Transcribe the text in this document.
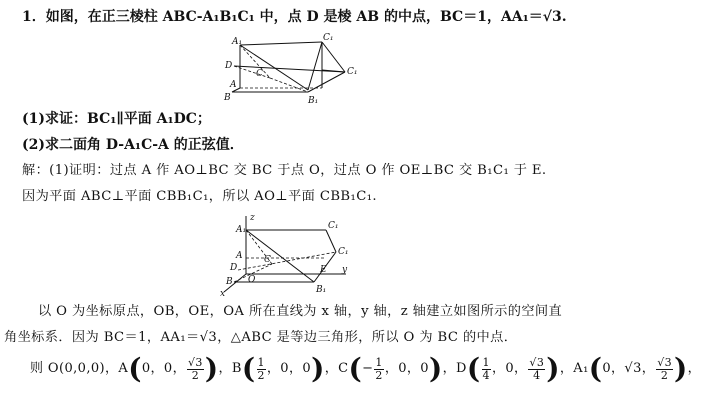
1．如图，在正三棱柱 ABC-A₁B₁C₁ 中，点 D 是棱 AB 的中点，BC＝1，AA₁＝√3.
A₁	C₁
C₁
D
C
A
B	B₁
(1)求证：BC₁∥平面 A₁DC；
(2)求二面角 D-A₁C-A 的正弦值．
解：(1)证明：过点 A 作 AO⊥BC 交 BC 于点 O，过点 O 作 OE⊥BC 交 B₁C₁ 于 E.
因为平面 ABC⊥平面 CBB₁C₁，所以 AO⊥平面 CBB₁C₁.
z
A₁	C₁
C₁
A C
D
O
B
E y
B₁
x
以 O 为坐标原点，OB，OE，OA 所在直线为 x 轴，y 轴，z 轴建立如图所示的空间直
角坐标系．因为 BC＝1，AA₁＝√3，△ABC 是等边三角形，所以 O 为 BC 的中点．
则 O(0,0,0)，A(0，0， $\frac{√3}{2}$ )，$B( \frac{1}{2}$ ，0，0)，$C(- \frac{1}{2}$ ，0，0)，$D( \frac{1}{4}$ ，0， $\frac{√3}{4}$ )，A₁(0，√3， $\frac{√3}{2}$ )，
